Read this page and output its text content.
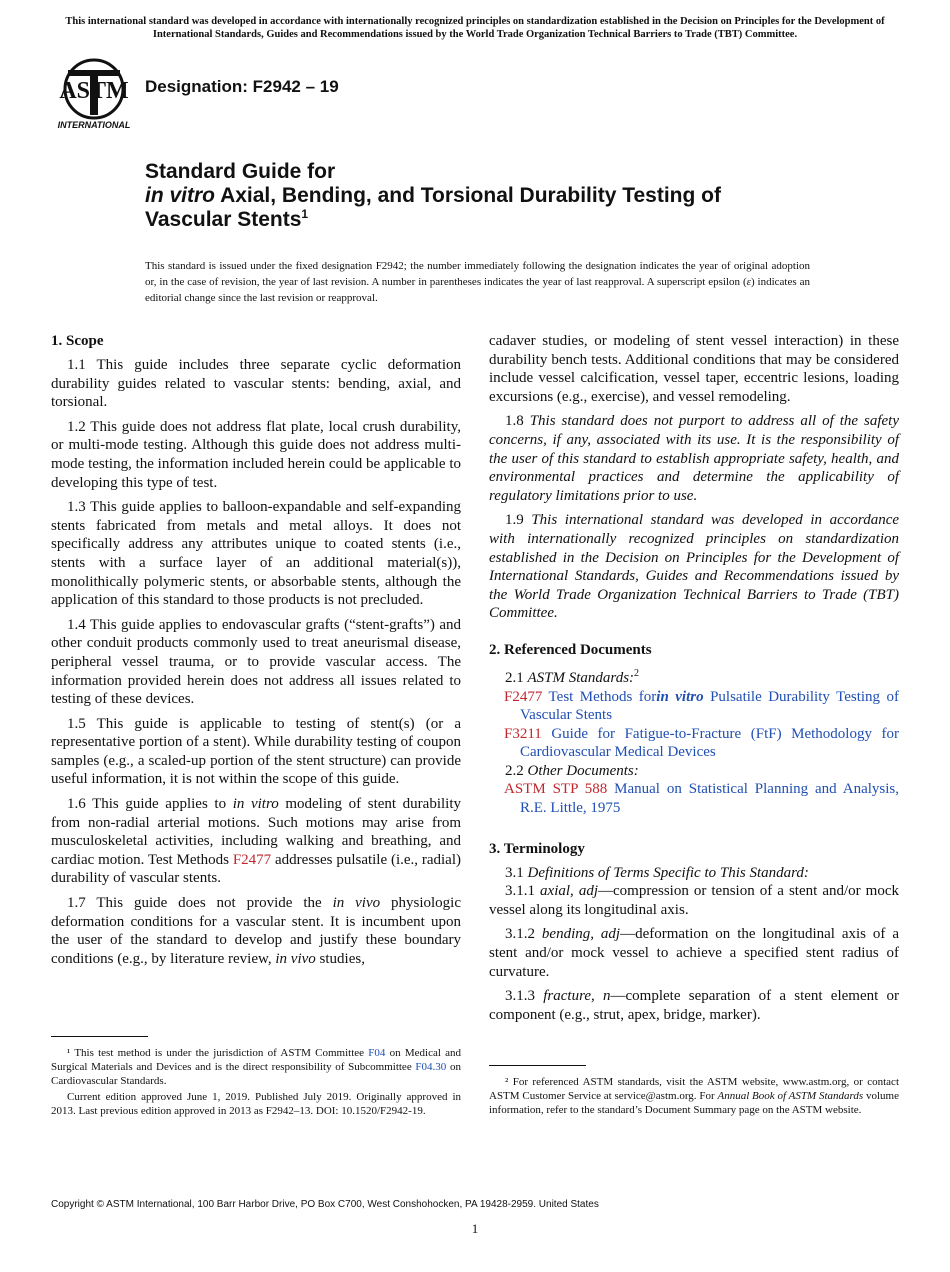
This international standard was developed in accordance with internationally recognized principles on standardization established in the Decision on Principles for the Development of International Standards, Guides and Recommendations issued by the World Trade Organization Technical Barriers to Trade (TBT) Committee.
ASTM
INTERNATIONAL
Designation: F2942 – 19
Standard Guide for
in vitro Axial, Bending, and Torsional Durability Testing of
Vascular Stents$^1$
This standard is issued under the fixed designation F2942; the number immediately following the designation indicates the year of original adoption or, in the case of revision, the year of last revision. A number in parentheses indicates the year of last reapproval. A superscript epsilon (ε) indicates an editorial change since the last revision or reapproval.
1. Scope

1.1 This guide includes three separate cyclic deformation durability guides related to vascular stents: bending, axial, and torsional.

1.2 This guide does not address flat plate, local crush durability, or multi-mode testing. Although this guide does not address multi-mode testing, the information included herein could be applicable to developing this type of test.

1.3 This guide applies to balloon-expandable and self-expanding stents fabricated from metals and metal alloys. It does not specifically address any attributes unique to coated stents (i.e., stents with a surface layer of an additional material(s)), monolithically polymeric stents, or absorbable stents, although the application of this standard to those products is not precluded.

1.4 This guide applies to endovascular grafts (“stent-grafts”) and other conduit products commonly used to treat aneurismal disease, peripheral vessel trauma, or to provide vascular access. The information provided herein does not address all issues related to testing of these devices.

1.5 This guide is applicable to testing of stent(s) (or a representative portion of a stent). While durability testing of coupon samples (e.g., a scaled-up portion of the stent structure) can provide useful information, it is not within the scope of this guide.

1.6 This guide applies to in vitro modeling of stent durability from non-radial arterial motions. Such motions may arise from musculoskeletal activities, including walking and breathing, and cardiac motion. Test Methods F2477 addresses pulsatile (i.e., radial) durability of vascular stents.

1.7 This guide does not provide the in vivo physiologic deformation conditions for a vascular stent. It is incumbent upon the user of the standard to develop and justify these boundary conditions (e.g., by literature review, in vivo studies,

¹ This test method is under the jurisdiction of ASTM Committee F04 on Medical and Surgical Materials and Devices and is the direct responsibility of Subcommittee F04.30 on Cardiovascular Standards.

Current edition approved June 1, 2019. Published July 2019. Originally approved in 2013. Last previous edition approved in 2013 as F2942–13. DOI: 10.1520/F2942-19.

cadaver studies, or modeling of stent vessel interaction) in these durability bench tests. Additional conditions that may be considered include vessel calcification, vessel taper, eccentric lesions, loading excursions (e.g., exercise), and vessel remodeling.

1.8 This standard does not purport to address all of the safety concerns, if any, associated with its use. It is the responsibility of the user of this standard to establish appropriate safety, health, and environmental practices and determine the applicability of regulatory limitations prior to use.

1.9 This international standard was developed in accordance with internationally recognized principles on standardization established in the Decision on Principles for the Development of International Standards, Guides and Recommendations issued by the World Trade Organization Technical Barriers to Trade (TBT) Committee.

2. Referenced Documents
2.1 ASTM Standards:$^2$
F2477 Test Methods forin vitro Pulsatile Durability Testing of Vascular Stents
F3211 Guide for Fatigue-to-Fracture (FtF) Methodology for Cardiovascular Medical Devices
2.2 Other Documents:
ASTM STP 588 Manual on Statistical Planning and Analysis, R.E. Little, 1975
3. Terminology

3.1 Definitions of Terms Specific to This Standard:

3.1.1 axial, adj—compression or tension of a stent and/or mock vessel along its longitudinal axis.

3.1.2 bending, adj—deformation on the longitudinal axis of a stent and/or mock vessel to achieve a specified stent radius of curvature.

3.1.3 fracture, n—complete separation of a stent element or component (e.g., strut, apex, bridge, marker).

² For referenced ASTM standards, visit the ASTM website, www.astm.org, or contact ASTM Customer Service at service@astm.org. For Annual Book of ASTM Standards volume information, refer to the standard’s Document Summary page on the ASTM website.

Copyright © ASTM International, 100 Barr Harbor Drive, PO Box C700, West Conshohocken, PA 19428-2959. United States
1
